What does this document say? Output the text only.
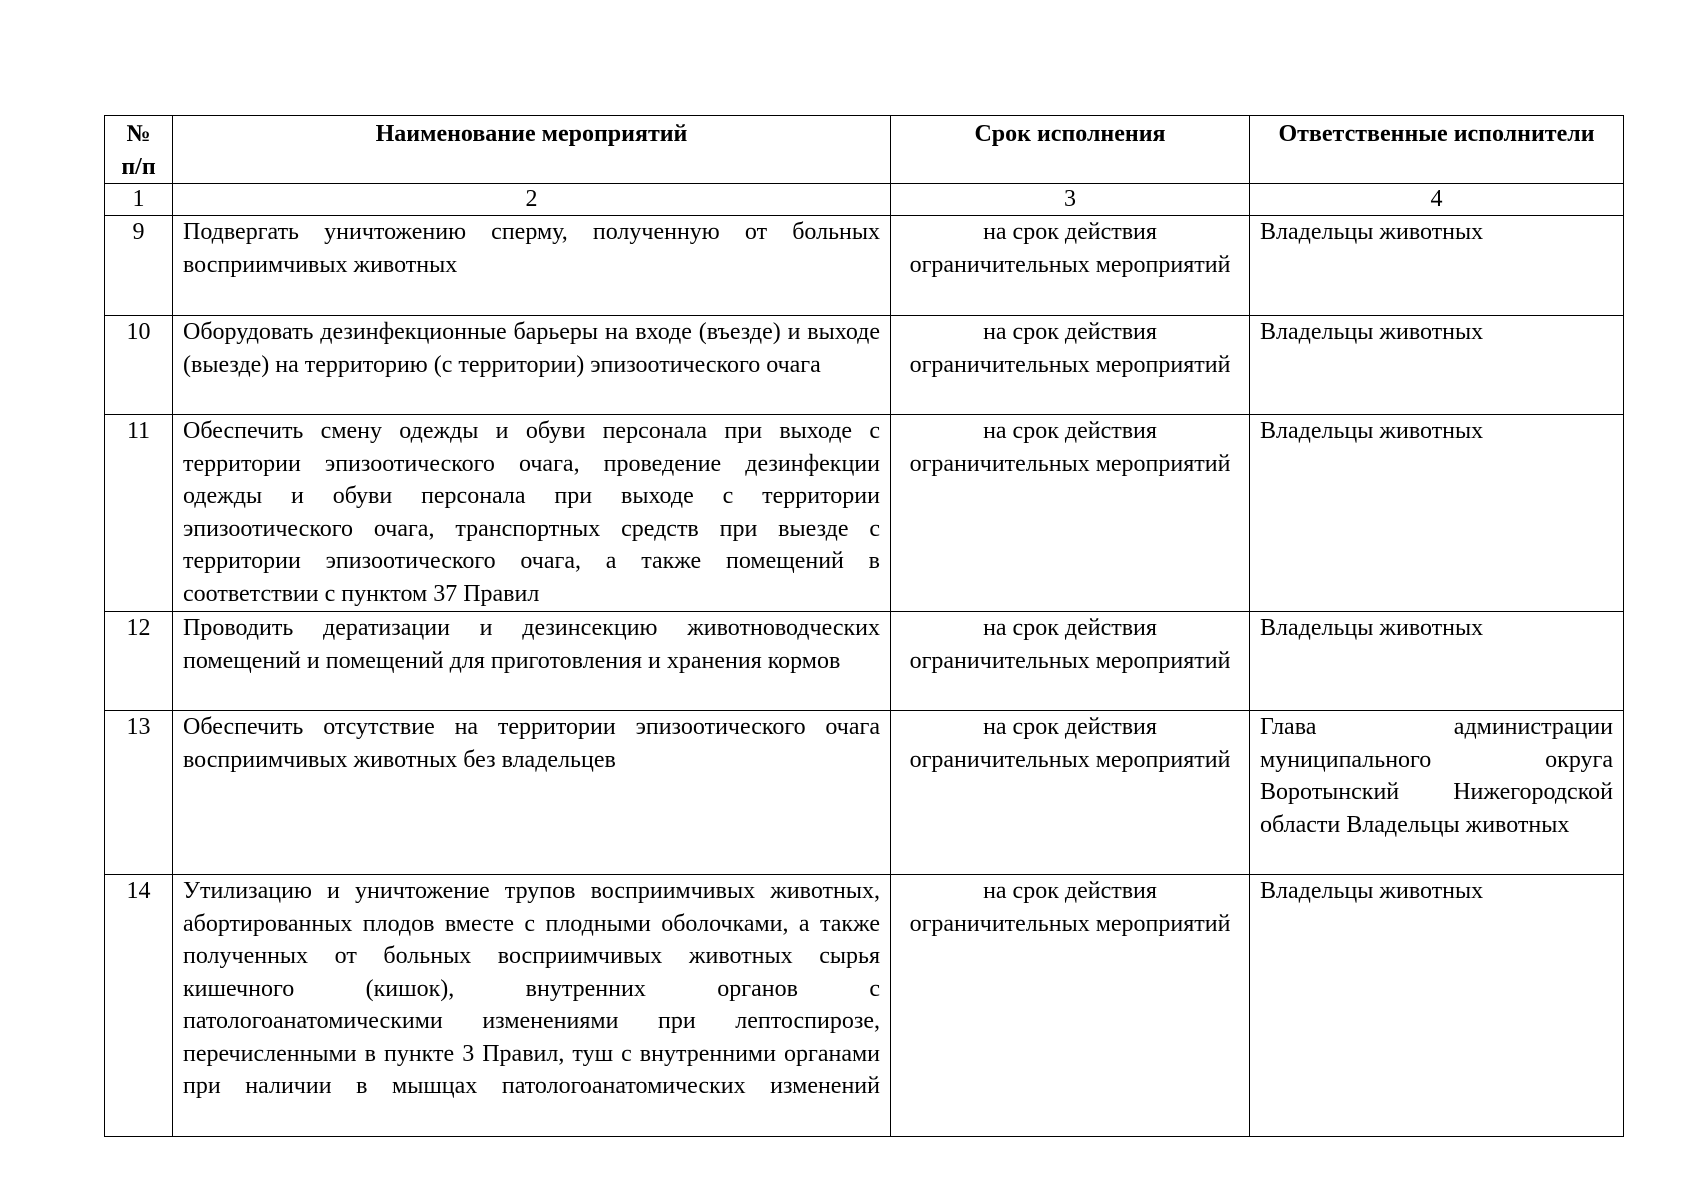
№ п/п	Наименование мероприятий	Срок исполнения	Ответственные исполнители
1	2	3	4
9	Подвергать уничтожению сперму, полученную от больных восприимчивых животных	на срок действия ограничительных мероприятий	Владельцы животных
10	Оборудовать дезинфекционные барьеры на входе (въезде) и выходе (выезде) на территорию (с территории) эпизоотического очага	на срок действия ограничительных мероприятий	Владельцы животных
11	Обеспечить смену одежды и обуви персонала при выходе с территории эпизоотического очага, проведение дезинфекции одежды и обуви персонала при выходе с территории эпизоотического очага, транспортных средств при выезде с территории эпизоотического очага, а также помещений в соответствии с пунктом 37 Правил	на срок действия ограничительных мероприятий	Владельцы животных
12	Проводить дератизации и дезинсекцию животноводческих помещений и помещений для приготовления и хранения кормов	на срок действия ограничительных мероприятий	Владельцы животных
13	Обеспечить отсутствие на территории эпизоотического очага восприимчивых животных без владельцев	на срок действия ограничительных мероприятий	Глава администрации муниципального округа Воротынский Нижегородской области Владельцы животных
14	Утилизацию и уничтожение трупов восприимчивых животных, абортированных плодов вместе с плодными оболочками, а также полученных от больных восприимчивых животных сырья кишечного (кишок), внутренних органов с патологоанатомическими изменениями при лептоспирозе, перечисленными в пункте 3 Правил, туш с внутренними органами при наличии в мышцах патологоанатомических изменений	на срок действия ограничительных мероприятий	Владельцы животных
